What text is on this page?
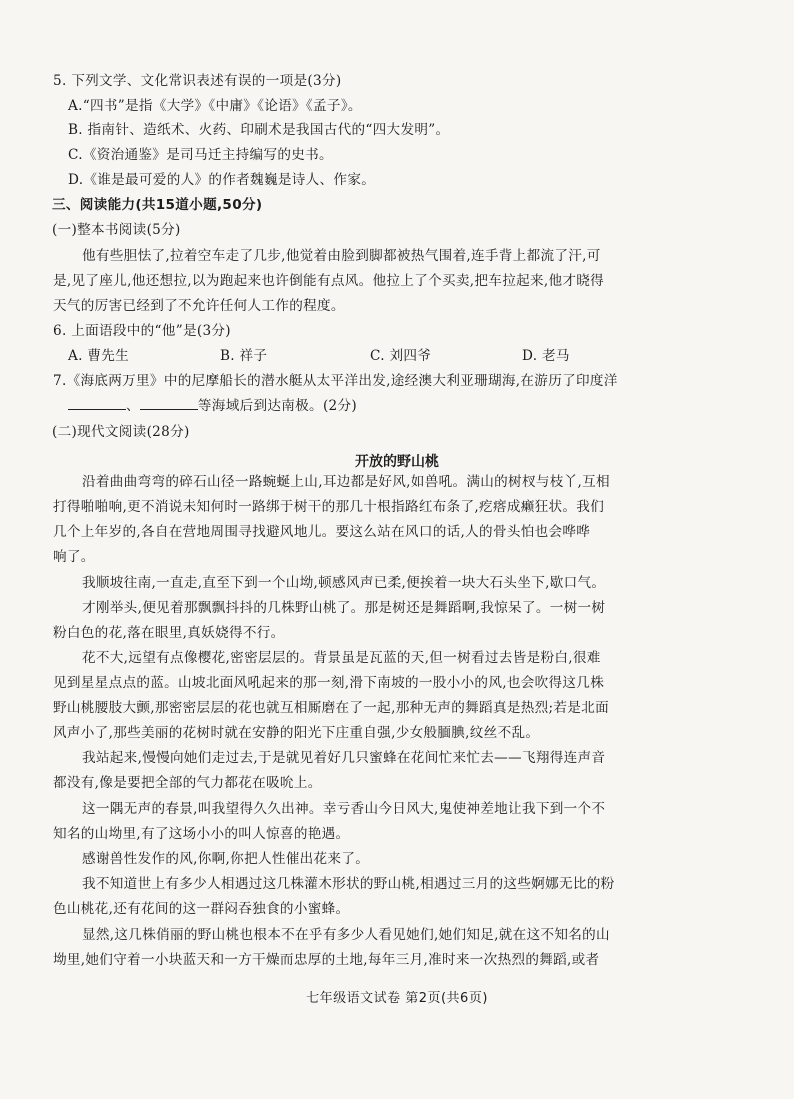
5. 下列文学、文化常识表述有误的一项是(3分)
A.“四书”是指《大学》《中庸》《论语》《孟子》。
B. 指南针、造纸术、火药、印刷术是我国古代的“四大发明”。
C.《资治通鉴》是司马迁主持编写的史书。
D.《谁是最可爱的人》的作者魏巍是诗人、作家。
三、阅读能力(共15道小题,50分)
(一)整本书阅读(5分)
他有些胆怯了,拉着空车走了几步,他觉着由脸到脚都被热气围着,连手背上都流了汗,可
是,见了座儿,他还想拉,以为跑起来也许倒能有点风。他拉上了个买卖,把车拉起来,他才晓得
天气的厉害已经到了不允许任何人工作的程度。
6. 上面语段中的“他”是(3分)
A. 曹先生	B. 祥子	C. 刘四爷	D. 老马
7.《海底两万里》中的尼摩船长的潜水艇从太平洋出发,途经澳大利亚珊瑚海,在游历了印度洋
、	等海域后到达南极。(2分)
(二)现代文阅读(28分)
开放的野山桃
沿着曲曲弯弯的碎石山径一路蜿蜒上山,耳边都是好风,如兽吼。满山的树杈与枝丫,互相
打得啪啪响,更不消说未知何时一路绑于树干的那几十根指路红布条了,疙瘩成癞狂状。我们
几个上年岁的,各自在营地周围寻找避风地儿。要这么站在风口的话,人的骨头怕也会哗哗
响了。
我顺坡往南,一直走,直至下到一个山坳,顿感风声已柔,便挨着一块大石头坐下,歇口气。
才刚举头,便见着那飘飘抖抖的几株野山桃了。那是树还是舞蹈啊,我惊呆了。一树一树
粉白色的花,落在眼里,真妖娆得不行。
花不大,远望有点像樱花,密密层层的。背景虽是瓦蓝的天,但一树看过去皆是粉白,很难
见到星星点点的蓝。山坡北面风吼起来的那一刻,滑下南坡的一股小小的风,也会吹得这几株
野山桃腰肢大颤,那密密层层的花也就互相厮磨在了一起,那种无声的舞蹈真是热烈;若是北面
风声小了,那些美丽的花树时就在安静的阳光下庄重自强,少女般腼腆,纹丝不乱。
我站起来,慢慢向她们走过去,于是就见着好几只蜜蜂在花间忙来忙去——飞翔得连声音
都没有,像是要把全部的气力都花在吸吮上。
这一隅无声的春景,叫我望得久久出神。幸亏香山今日风大,鬼使神差地让我下到一个不
知名的山坳里,有了这场小小的叫人惊喜的艳遇。
感谢兽性发作的风,你啊,你把人性催出花来了。
我不知道世上有多少人相遇过这几株灌木形状的野山桃,相遇过三月的这些婀娜无比的粉
色山桃花,还有花间的这一群闷吞独食的小蜜蜂。
显然,这几株俏丽的野山桃也根本不在乎有多少人看见她们,她们知足,就在这不知名的山
坳里,她们守着一小块蓝天和一方干燥而忠厚的土地,每年三月,准时来一次热烈的舞蹈,或者
七年级语文试卷 第2页(共6页)
